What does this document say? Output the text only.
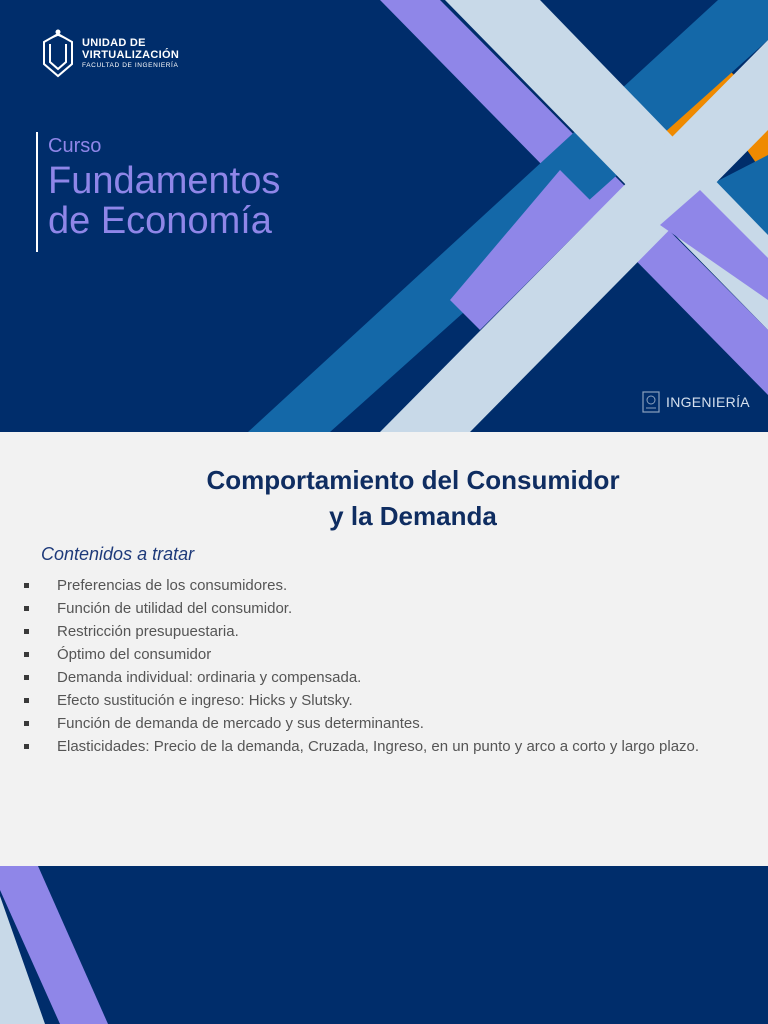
UNIDAD DE
VIRTUALIZACIÓN
FACULTAD DE INGENIERÍA
Curso
Fundamentos
de Economía
INGENIERÍA
Comportamiento del Consumidor
y la Demanda
Contenidos a tratar
Preferencias de los consumidores.
Función de utilidad del consumidor.
Restricción presupuestaria.
Óptimo del consumidor
Demanda individual: ordinaria y compensada.
Efecto sustitución e ingreso: Hicks y Slutsky.
Función de demanda de mercado y sus determinantes.
Elasticidades: Precio de la demanda, Cruzada, Ingreso, en un punto y arco a corto y largo plazo.
